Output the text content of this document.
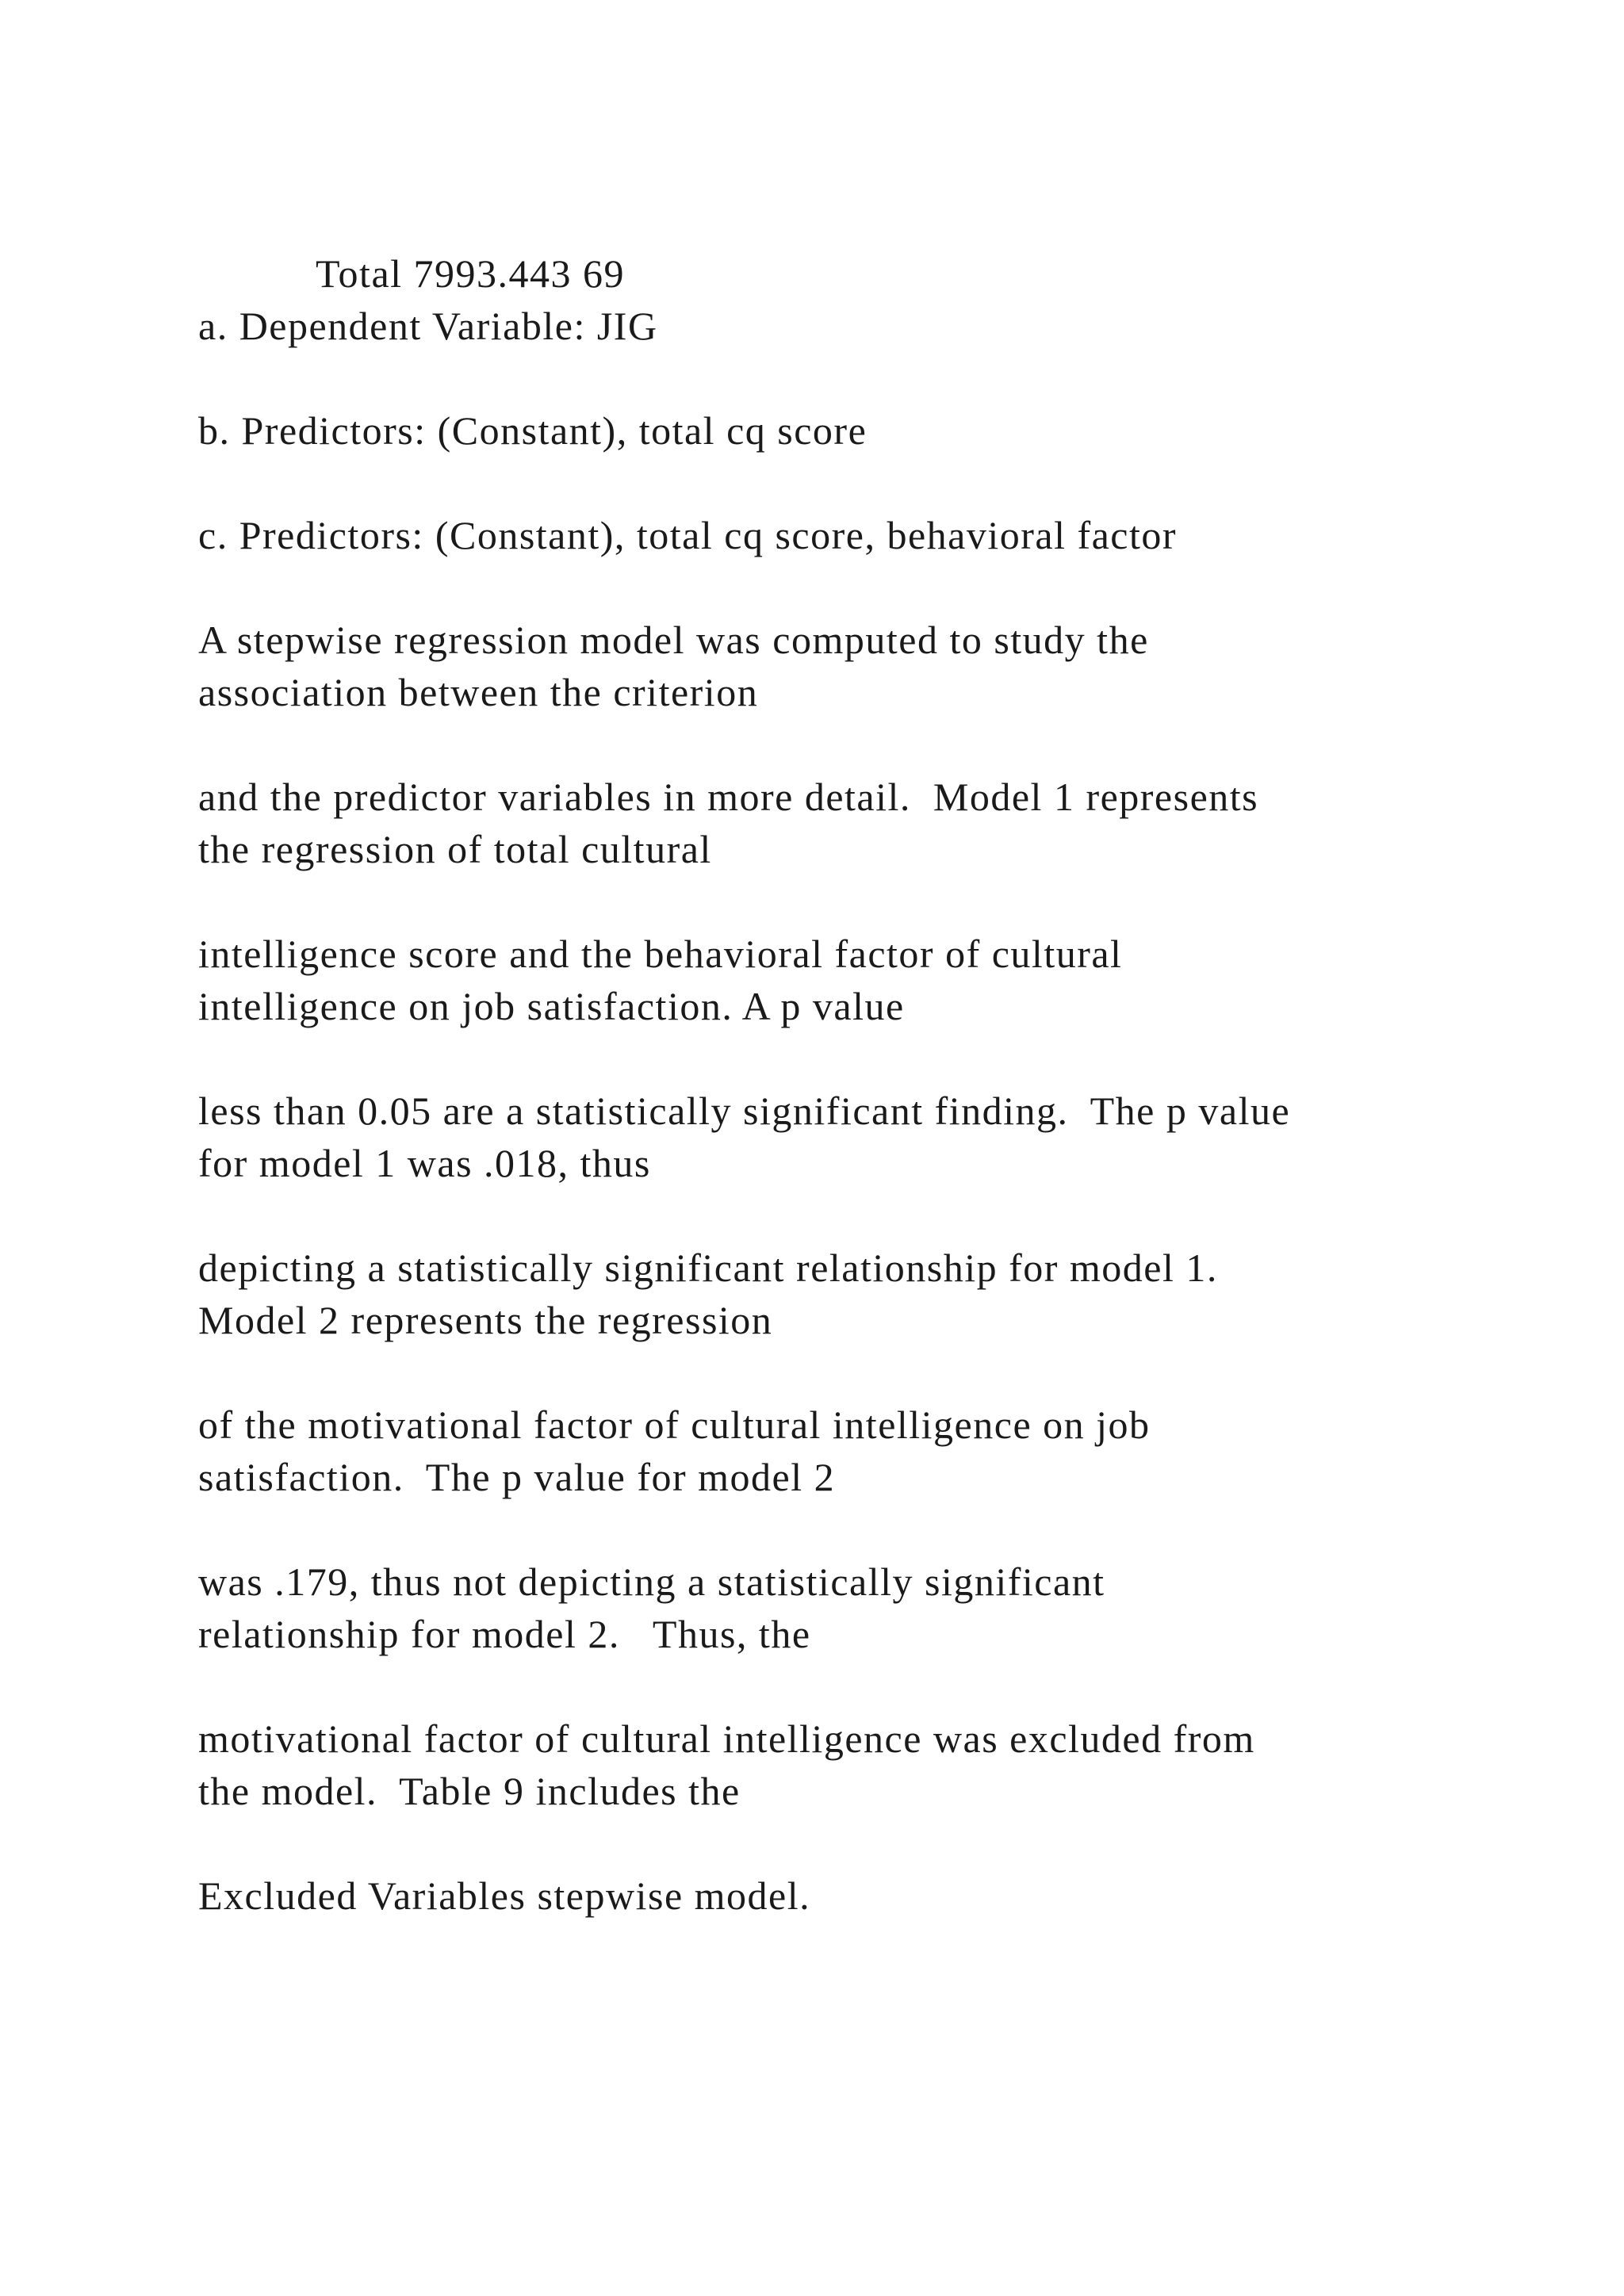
Total 7993.443 69
a. Dependent Variable: JIG
b. Predictors: (Constant), total cq score
c. Predictors: (Constant), total cq score, behavioral factor
A stepwise regression model was computed to study the
association between the criterion
and the predictor variables in more detail.  Model 1 represents
the regression of total cultural
intelligence score and the behavioral factor of cultural
intelligence on job satisfaction. A p value
less than 0.05 are a statistically significant finding.  The p value
for model 1 was .018, thus
depicting a statistically significant relationship for model 1.
Model 2 represents the regression
of the motivational factor of cultural intelligence on job
satisfaction.  The p value for model 2
was .179, thus not depicting a statistically significant
relationship for model 2.   Thus, the
motivational factor of cultural intelligence was excluded from
the model.  Table 9 includes the
Excluded Variables stepwise model.
